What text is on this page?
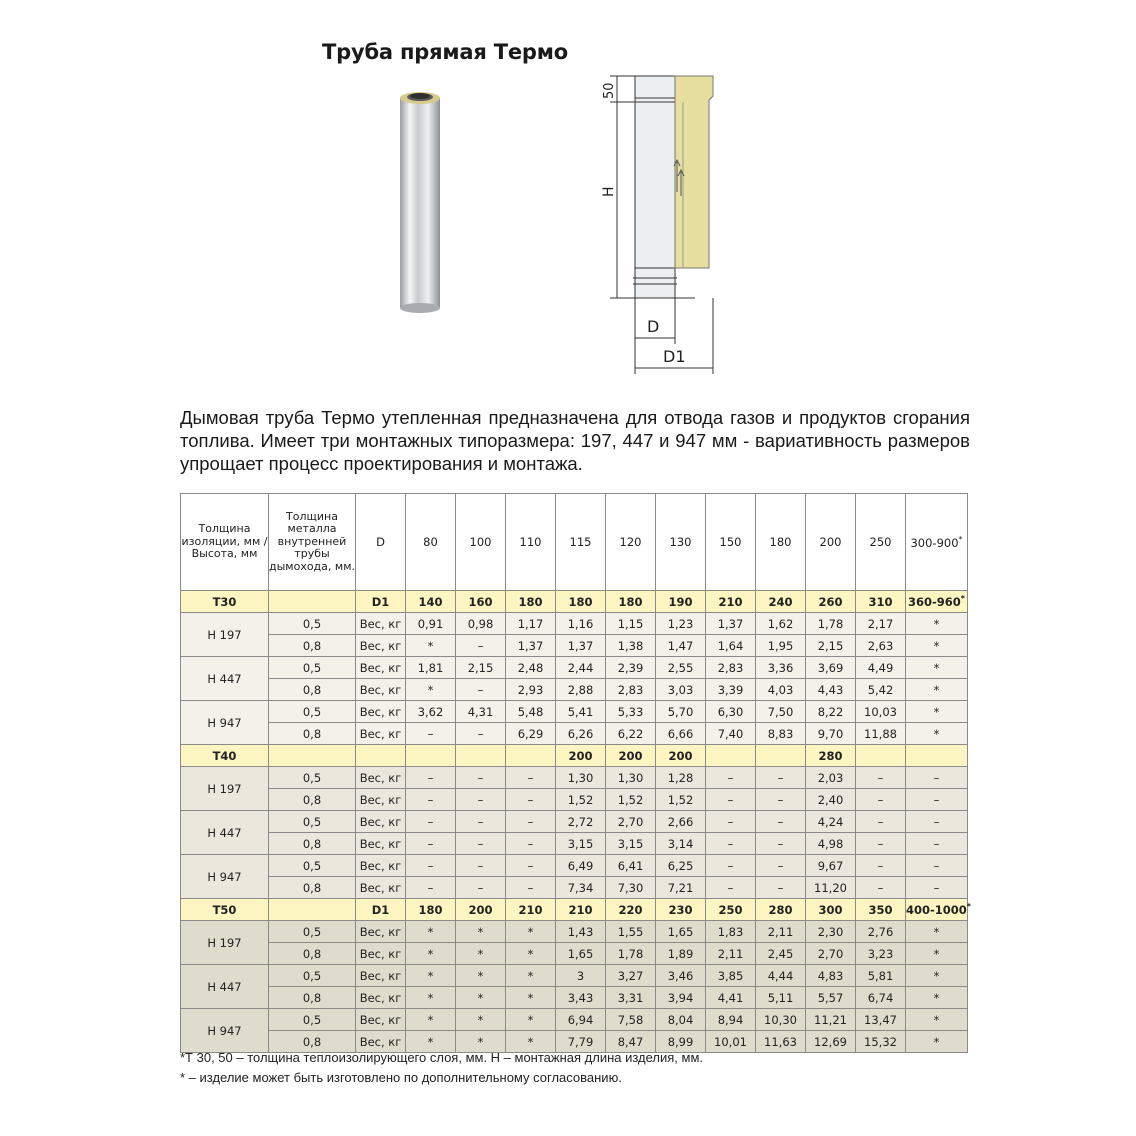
Труба прямая Термо
50
H
D
D1

Дымовая труба Термо утепленная предназначена для отвода газов и продуктов сгорания топлива. Имеет три монтажных типоразмера: 197, 447 и 947 мм - вариативность размеров упрощает процесс проектирования и монтажа.

Толщина изоляции, мм / Высота, мм	Толщина металла внутренней трубы дымохода, мм.	D	80	100	110	115	120	130	150	180	200	250	300-900*
Т30		D1	140	160	180	180	180	190	210	240	260	310	360-960*
Н 197	0,5	Вес, кг	0,91	0,98	1,17	1,16	1,15	1,23	1,37	1,62	1,78	2,17	*
	0,8	Вес, кг	*	–	1,37	1,37	1,38	1,47	1,64	1,95	2,15	2,63	*
Н 447	0,5	Вес, кг	1,81	2,15	2,48	2,44	2,39	2,55	2,83	3,36	3,69	4,49	*
	0,8	Вес, кг	*	–	2,93	2,88	2,83	3,03	3,39	4,03	4,43	5,42	*
Н 947	0,5	Вес, кг	3,62	4,31	5,48	5,41	5,33	5,70	6,30	7,50	8,22	10,03	*
	0,8	Вес, кг	–	–	6,29	6,26	6,22	6,66	7,40	8,83	9,70	11,88	*
Т40						200	200	200			280		
Н 197	0,5	Вес, кг	–	–	–	1,30	1,30	1,28	–	–	2,03	–	–
	0,8	Вес, кг	–	–	–	1,52	1,52	1,52	–	–	2,40	–	–
Н 447	0,5	Вес, кг	–	–	–	2,72	2,70	2,66	–	–	4,24	–	–
	0,8	Вес, кг	–	–	–	3,15	3,15	3,14	–	–	4,98	–	–
Н 947	0,5	Вес, кг	–	–	–	6,49	6,41	6,25	–	–	9,67	–	–
	0,8	Вес, кг	–	–	–	7,34	7,30	7,21	–	–	11,20	–	–
Т50		D1	180	200	210	210	220	230	250	280	300	350	400-1000*
Н 197	0,5	Вес, кг	*	*	*	1,43	1,55	1,65	1,83	2,11	2,30	2,76	*
	0,8	Вес, кг	*	*	*	1,65	1,78	1,89	2,11	2,45	2,70	3,23	*
Н 447	0,5	Вес, кг	*	*	*	3	3,27	3,46	3,85	4,44	4,83	5,81	*
	0,8	Вес, кг	*	*	*	3,43	3,31	3,94	4,41	5,11	5,57	6,74	*
Н 947	0,5	Вес, кг	*	*	*	6,94	7,58	8,04	8,94	10,30	11,21	13,47	*
	0,8	Вес, кг	*	*	*	7,79	8,47	8,99	10,01	11,63	12,69	15,32	*

*Т 30, 50 – толщина теплоизолирующего слоя, мм. Н – монтажная длина изделия, мм.

* – изделие может быть изготовлено по дополнительному согласованию.
